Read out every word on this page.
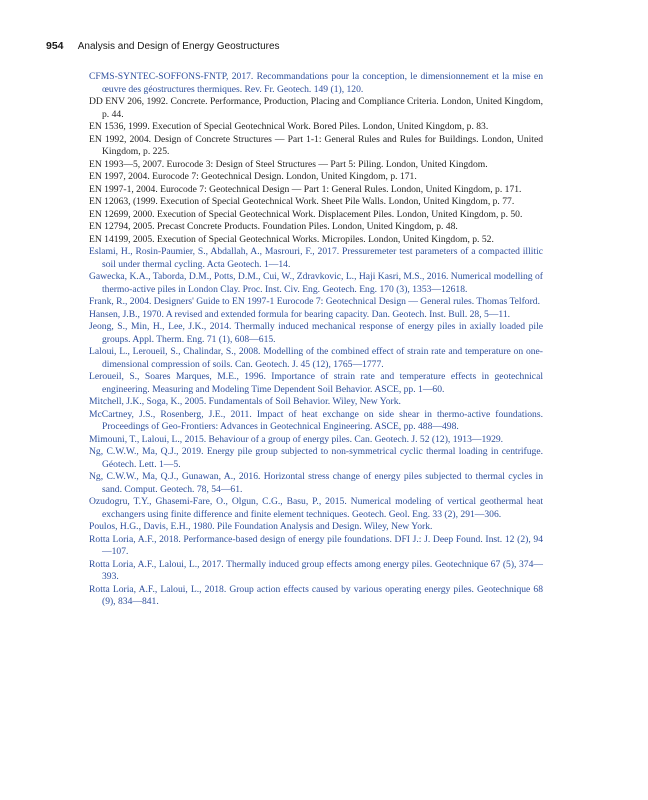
954 Analysis and Design of Energy Geostructures
CFMS-SYNTEC-SOFFONS-FNTP, 2017. Recommandations pour la conception, le dimensionnement et la mise en œuvre des géostructures thermiques. Rev. Fr. Geotech. 149 (1), 120.
DD ENV 206, 1992. Concrete. Performance, Production, Placing and Compliance Criteria. London, United Kingdom, p. 44.
EN 1536, 1999. Execution of Special Geotechnical Work. Bored Piles. London, United Kingdom, p. 83.
EN 1992, 2004. Design of Concrete Structures — Part 1-1: General Rules and Rules for Buildings. London, United Kingdom, p. 225.
EN 1993—5, 2007. Eurocode 3: Design of Steel Structures — Part 5: Piling. London, United Kingdom.
EN 1997, 2004. Eurocode 7: Geotechnical Design. London, United Kingdom, p. 171.
EN 1997-1, 2004. Eurocode 7: Geotechnical Design — Part 1: General Rules. London, United Kingdom, p. 171.
EN 12063, (1999. Execution of Special Geotechnical Work. Sheet Pile Walls. London, United Kingdom, p. 77.
EN 12699, 2000. Execution of Special Geotechnical Work. Displacement Piles. London, United Kingdom, p. 50.
EN 12794, 2005. Precast Concrete Products. Foundation Piles. London, United Kingdom, p. 48.
EN 14199, 2005. Execution of Special Geotechnical Works. Micropiles. London, United Kingdom, p. 52.
Eslami, H., Rosin-Paumier, S., Abdallah, A., Masrouri, F., 2017. Pressuremeter test parameters of a compacted illitic soil under thermal cycling. Acta Geotech. 1—14.
Gawecka, K.A., Taborda, D.M., Potts, D.M., Cui, W., Zdravkovic, L., Haji Kasri, M.S., 2016. Numerical modelling of thermo-active piles in London Clay. Proc. Inst. Civ. Eng. Geotech. Eng. 170 (3), 1353—12618.
Frank, R., 2004. Designers' Guide to EN 1997-1 Eurocode 7: Geotechnical Design — General rules. Thomas Telford.
Hansen, J.B., 1970. A revised and extended formula for bearing capacity. Dan. Geotech. Inst. Bull. 28, 5—11.
Jeong, S., Min, H., Lee, J.K., 2014. Thermally induced mechanical response of energy piles in axially loaded pile groups. Appl. Therm. Eng. 71 (1), 608—615.
Laloui, L., Leroueil, S., Chalindar, S., 2008. Modelling of the combined effect of strain rate and temperature on one-dimensional compression of soils. Can. Geotech. J. 45 (12), 1765—1777.
Leroueil, S., Soares Marques, M.E., 1996. Importance of strain rate and temperature effects in geotechnical engineering. Measuring and Modeling Time Dependent Soil Behavior. ASCE, pp. 1—60.
Mitchell, J.K., Soga, K., 2005. Fundamentals of Soil Behavior. Wiley, New York.
McCartney, J.S., Rosenberg, J.E., 2011. Impact of heat exchange on side shear in thermo-active foundations. Proceedings of Geo-Frontiers: Advances in Geotechnical Engineering. ASCE, pp. 488—498.
Mimouni, T., Laloui, L., 2015. Behaviour of a group of energy piles. Can. Geotech. J. 52 (12), 1913—1929.
Ng, C.W.W., Ma, Q.J., 2019. Energy pile group subjected to non-symmetrical cyclic thermal loading in centrifuge. Géotech. Lett. 1—5.
Ng, C.W.W., Ma, Q.J., Gunawan, A., 2016. Horizontal stress change of energy piles subjected to thermal cycles in sand. Comput. Geotech. 78, 54—61.
Ozudogru, T.Y., Ghasemi-Fare, O., Olgun, C.G., Basu, P., 2015. Numerical modeling of vertical geothermal heat exchangers using finite difference and finite element techniques. Geotech. Geol. Eng. 33 (2), 291—306.
Poulos, H.G., Davis, E.H., 1980. Pile Foundation Analysis and Design. Wiley, New York.
Rotta Loria, A.F., 2018. Performance-based design of energy pile foundations. DFI J.: J. Deep Found. Inst. 12 (2), 94—107.
Rotta Loria, A.F., Laloui, L., 2017. Thermally induced group effects among energy piles. Geotechnique 67 (5), 374—393.
Rotta Loria, A.F., Laloui, L., 2018. Group action effects caused by various operating energy piles. Geotechnique 68 (9), 834—841.
